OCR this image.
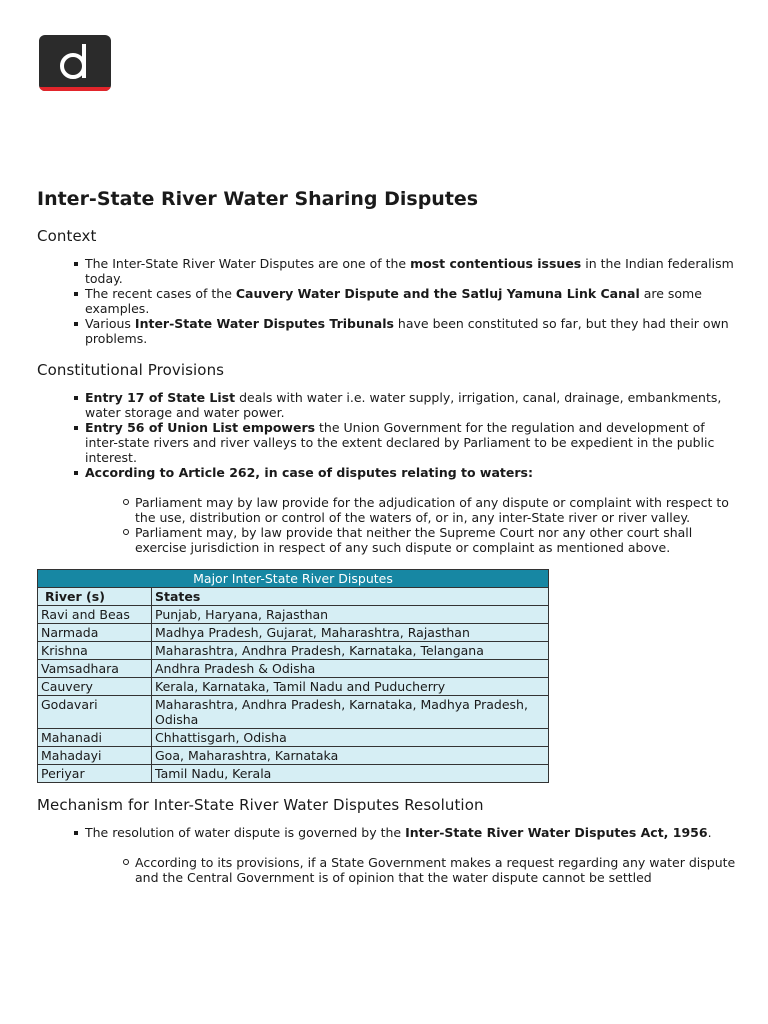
Inter-State River Water Sharing Disputes
Context
The Inter-State River Water Disputes are one of the most contentious issues in the Indian federalism today.
The recent cases of the Cauvery Water Dispute and the Satluj Yamuna Link Canal are some examples.
Various Inter-State Water Disputes Tribunals have been constituted so far, but they had their own problems.
Constitutional Provisions
Entry 17 of State List deals with water i.e. water supply, irrigation, canal, drainage, embankments, water storage and water power.
Entry 56 of Union List empowers the Union Government for the regulation and development of inter-state rivers and river valleys to the extent declared by Parliament to be expedient in the public interest.
According to Article 262, in case of disputes relating to waters:
Parliament may by law provide for the adjudication of any dispute or complaint with respect to the use, distribution or control of the waters of, or in, any inter-State river or river valley.
Parliament may, by law provide that neither the Supreme Court nor any other court shall exercise jurisdiction in respect of any such dispute or complaint as mentioned above.
Major Inter-State River Disputes	
River (s)	States
Ravi and Beas	Punjab, Haryana, Rajasthan
Narmada	Madhya Pradesh, Gujarat, Maharashtra, Rajasthan
Krishna	Maharashtra, Andhra Pradesh, Karnataka, Telangana
Vamsadhara	Andhra Pradesh & Odisha
Cauvery	Kerala, Karnataka, Tamil Nadu and Puducherry
Godavari	Maharashtra, Andhra Pradesh, Karnataka, Madhya Pradesh, Odisha
Mahanadi	Chhattisgarh, Odisha
Mahadayi	Goa, Maharashtra, Karnataka
Periyar	Tamil Nadu, Kerala
Mechanism for Inter-State River Water Disputes Resolution
The resolution of water dispute is governed by the Inter-State River Water Disputes Act, 1956.
According to its provisions, if a State Government makes a request regarding any water dispute and the Central Government is of opinion that the water dispute cannot be settled
